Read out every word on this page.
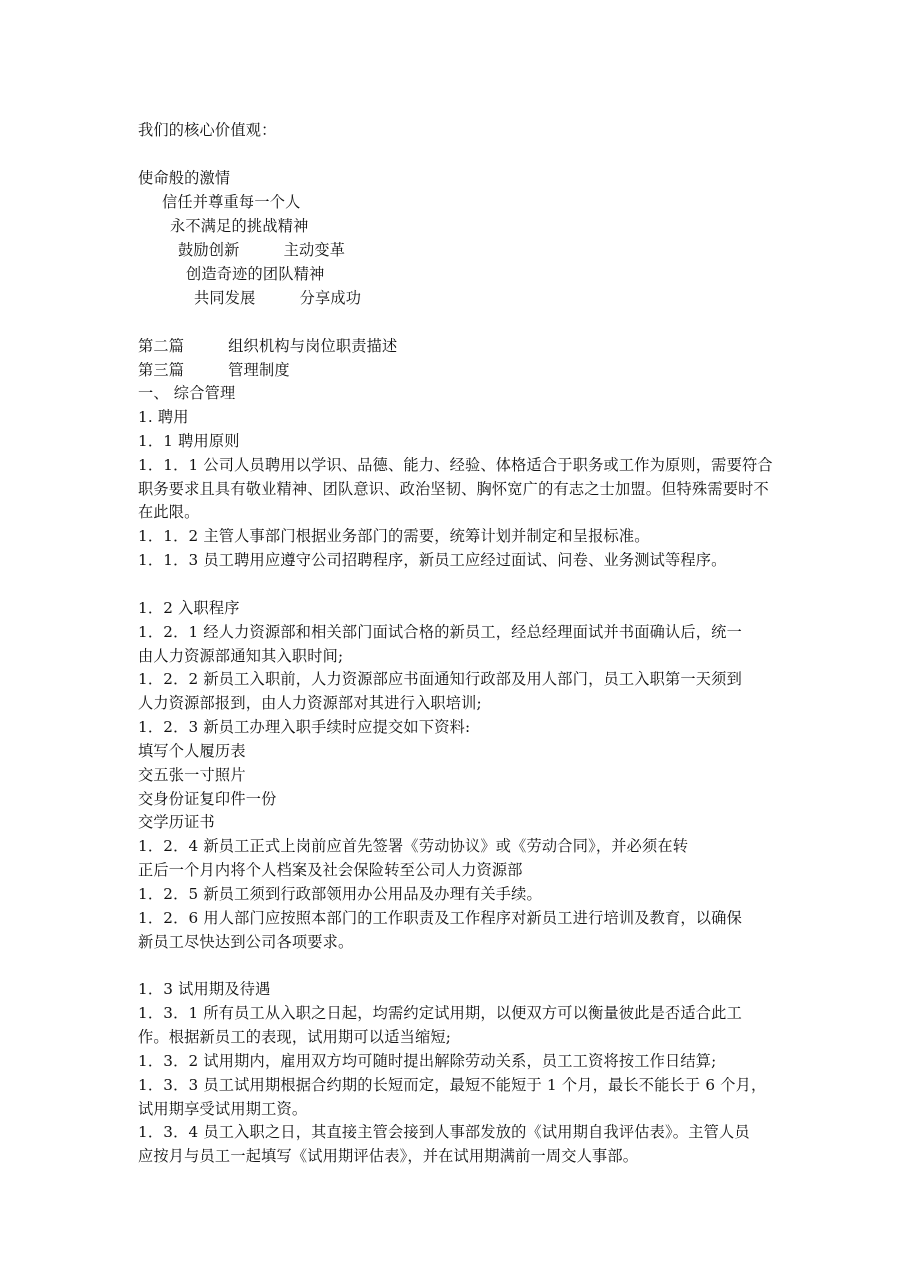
我们的核心价值观：
使命般的激情
信任并尊重每一个人
永不满足的挑战精神
鼓励创新	主动变革
创造奇迹的团队精神
共同发展	分享成功
第二篇	组织机构与岗位职责描述
第三篇	管理制度
一、 综合管理
1. 聘用
1．1 聘用原则
1．1．1 公司人员聘用以学识、品德、能力、经验、体格适合于职务或工作为原则，需要符合
职务要求且具有敬业精神、团队意识、政治坚韧、胸怀宽广的有志之士加盟。但特殊需要时不
在此限。
1．1．2 主管人事部门根据业务部门的需要，统筹计划并制定和呈报标准。
1．1．3 员工聘用应遵守公司招聘程序，新员工应经过面试、问卷、业务测试等程序。
1．2 入职程序
1．2．1 经人力资源部和相关部门面试合格的新员工，经总经理面试并书面确认后，统一
由人力资源部通知其入职时间;
1．2．2 新员工入职前，人力资源部应书面通知行政部及用人部门，员工入职第一天须到
人力资源部报到，由人力资源部对其进行入职培训;
1．2．3 新员工办理入职手续时应提交如下资料:
填写个人履历表
交五张一寸照片
交身份证复印件一份
交学历证书
1．2．4 新员工正式上岗前应首先签署《劳动协议》或《劳动合同》，并必须在转
正后一个月内将个人档案及社会保险转至公司人力资源部
1．2．5 新员工须到行政部领用办公用品及办理有关手续。
1．2．6 用人部门应按照本部门的工作职责及工作程序对新员工进行培训及教育，以确保
新员工尽快达到公司各项要求。
1．3 试用期及待遇
1．3．1 所有员工从入职之日起，均需约定试用期，以便双方可以衡量彼此是否适合此工
作。根据新员工的表现，试用期可以适当缩短;
1．3．2 试用期内，雇用双方均可随时提出解除劳动关系，员工工资将按工作日结算;
1．3．3 员工试用期根据合约期的长短而定，最短不能短于 1 个月，最长不能长于 6 个月，
试用期享受试用期工资。
1．3．4 员工入职之日，其直接主管会接到人事部发放的《试用期自我评估表》。主管人员
应按月与员工一起填写《试用期评估表》，并在试用期满前一周交人事部。
